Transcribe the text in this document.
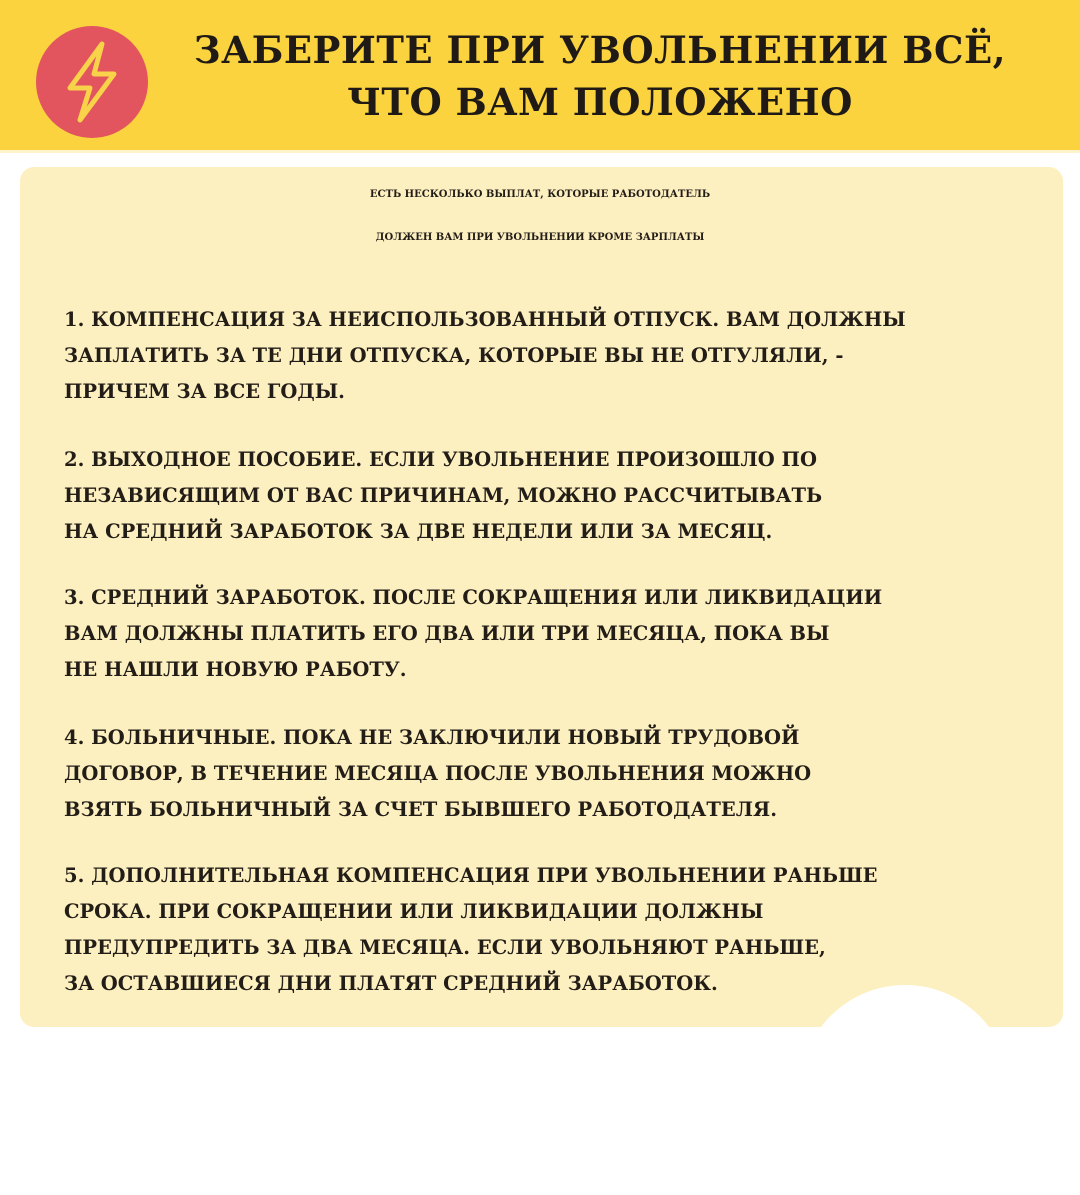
ЗАБЕРИТЕ ПРИ УВОЛЬНЕНИИ ВСЁ,
ЧТО ВАМ ПОЛОЖЕНО
ЕСТЬ НЕСКОЛЬКО ВЫПЛАТ, КОТОРЫЕ РАБОТОДАТЕЛЬ
ДОЛЖЕН ВАМ ПРИ УВОЛЬНЕНИИ КРОМЕ ЗАРПЛАТЫ
1. КОМПЕНСАЦИЯ ЗА НЕИСПОЛЬЗОВАННЫЙ ОТПУСК. ВАМ ДОЛЖНЫ
ЗАПЛАТИТЬ ЗА ТЕ ДНИ ОТПУСКА, КОТОРЫЕ ВЫ НЕ ОТГУЛЯЛИ, -
ПРИЧЕМ ЗА ВСЕ ГОДЫ.
2. ВЫХОДНОЕ ПОСОБИЕ. ЕСЛИ УВОЛЬНЕНИЕ ПРОИЗОШЛО ПО
НЕЗАВИСЯЩИМ ОТ ВАС ПРИЧИНАМ, МОЖНО РАССЧИТЫВАТЬ
НА СРЕДНИЙ ЗАРАБОТОК ЗА ДВЕ НЕДЕЛИ ИЛИ ЗА МЕСЯЦ.
3. СРЕДНИЙ ЗАРАБОТОК. ПОСЛЕ СОКРАЩЕНИЯ ИЛИ ЛИКВИДАЦИИ
ВАМ ДОЛЖНЫ ПЛАТИТЬ ЕГО ДВА ИЛИ ТРИ МЕСЯЦА, ПОКА ВЫ
НЕ НАШЛИ НОВУЮ РАБОТУ.
4. БОЛЬНИЧНЫЕ. ПОКА НЕ ЗАКЛЮЧИЛИ НОВЫЙ ТРУДОВОЙ
ДОГОВОР, В ТЕЧЕНИЕ МЕСЯЦА ПОСЛЕ УВОЛЬНЕНИЯ МОЖНО
ВЗЯТЬ БОЛЬНИЧНЫЙ ЗА СЧЕТ БЫВШЕГО РАБОТОДАТЕЛЯ.
5. ДОПОЛНИТЕЛЬНАЯ КОМПЕНСАЦИЯ ПРИ УВОЛЬНЕНИИ РАНЬШЕ
СРОКА. ПРИ СОКРАЩЕНИИ ИЛИ ЛИКВИДАЦИИ ДОЛЖНЫ
ПРЕДУПРЕДИТЬ ЗА ДВА МЕСЯЦА. ЕСЛИ УВОЛЬНЯЮТ РАНЬШЕ,
ЗА ОСТАВШИЕСЯ ДНИ ПЛАТЯТ СРЕДНИЙ ЗАРАБОТОК.
